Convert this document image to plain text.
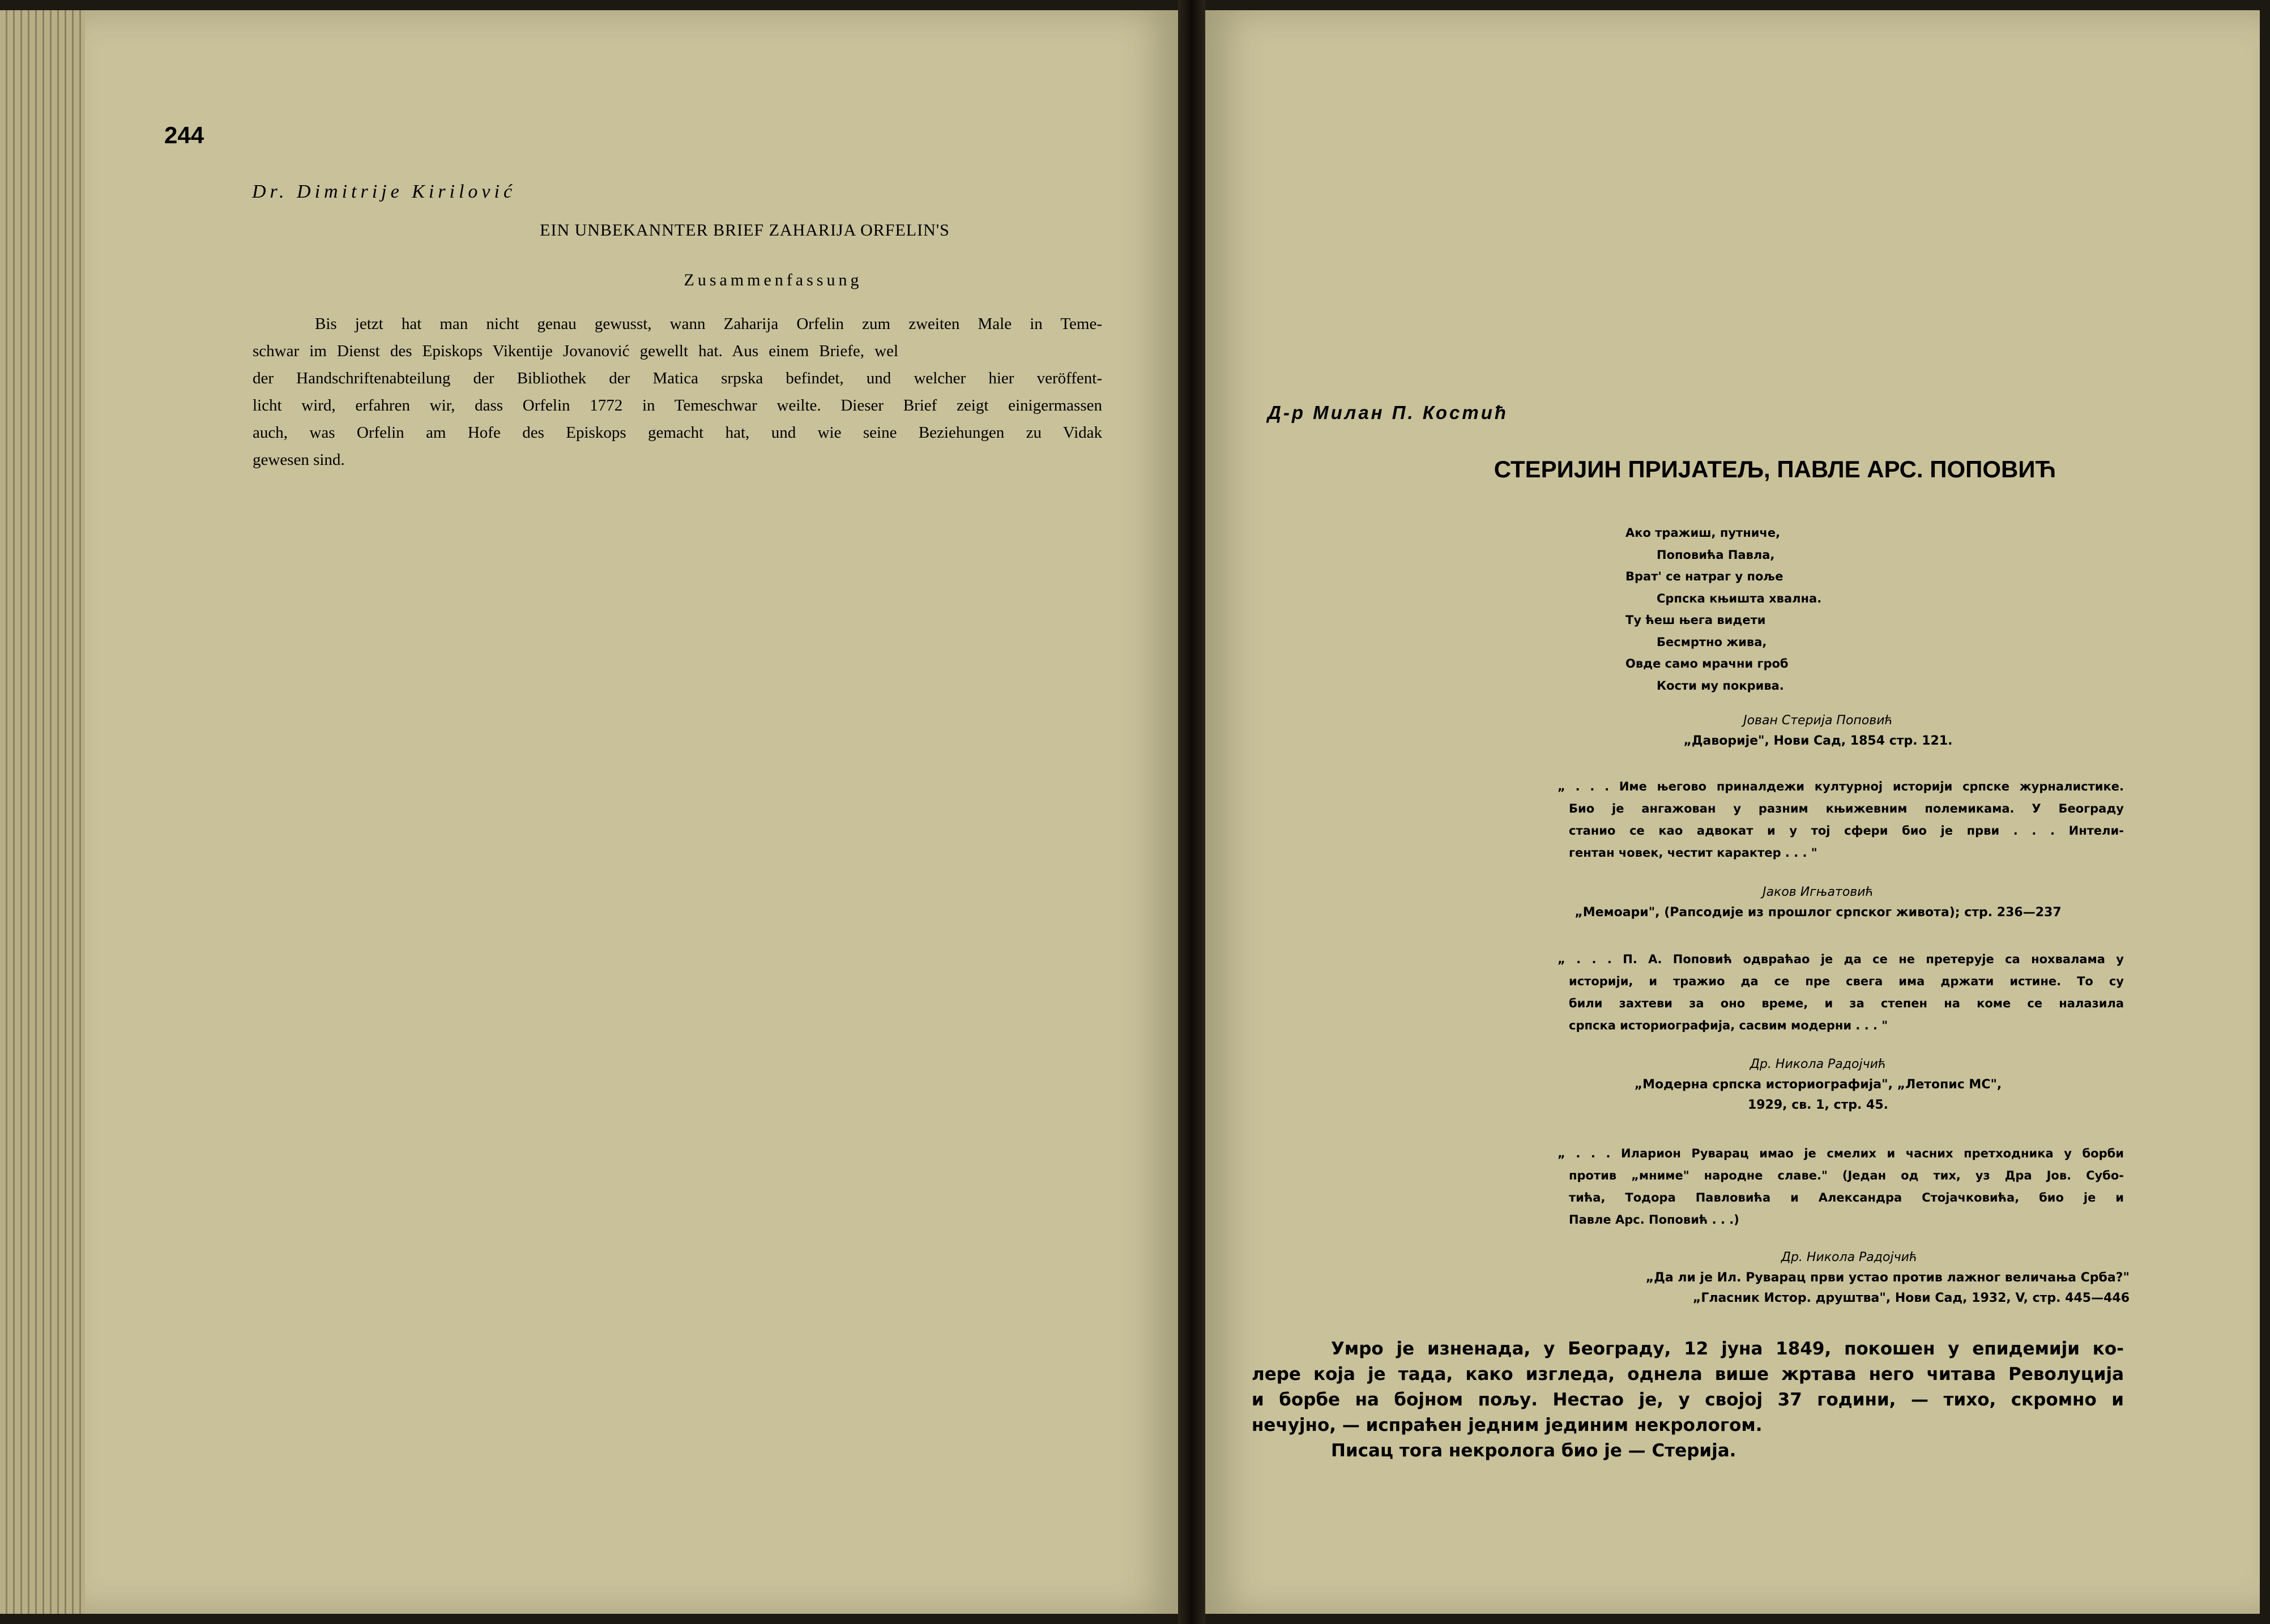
244
Dr. Dimitrije Kirilović
EIN UNBEKANNTER BRIEF ZAHARIJA ORFELIN'S
Zusammenfassung
Bis jetzt hat man nicht genau gewusst, wann Zaharija Orfelin zum zweiten Male in Teme-
schwar im Dienst des Episkops Vikentije Jovanović gewellt hat. Aus einem Briefe, wel
der Handschriftenabteilung der Bibliothek der Matica srpska befindet, und welcher hier veröffent-
licht wird, erfahren wir, dass Orfelin 1772 in Temeschwar weilte. Dieser Brief zeigt einigermassen
auch, was Orfelin am Hofe des Episkops gemacht hat, und wie seine Beziehungen zu Vidak
gewesen sind.
Д-р Милан П. Костић
СТЕРИЈИН ПРИЈАТЕЉ, ПАВЛЕ АРС. ПОПОВИЋ
Ако тражиш, путниче,
Поповића Павла,
Врат' се натраг у поље
Српска књишта хвална.
Ту ћеш њега видети
Бесмртно жива,
Овде само мрачни гроб
Кости му покрива.
Јован Стерија Поповић
„Даворије", Нови Сад, 1854 стр. 121.
„ . . . Име његово приналдежи културној историји српске журналистике.
Био је ангажован у разним књижевним полемикама. У Београду
станио се као адвокат и у тој сфери био је први . . . Интели-
гентан човек, честит карактер . . . "
Јаков Игњатовић
„Мемоари", (Рапсодије из прошлог српског живота); стр. 236—237
„ . . . П. А. Поповић одвраћао је да се не претерује са нохвалама у
историји, и тражио да се пре свега има држати истине. То су
били захтеви за оно време, и за степен на коме се налазила
српска историографија, сасвим модерни . . . "
Др. Никола Радојчић
„Модерна српска историографија", „Летопис МС",
1929, св. 1, стр. 45.
„ . . . Иларион Руварац имао је смелих и часних претходника у борби
против „мниме" народне славе." (Један од тих, уз Дра Јов. Субо-
тића, Тодора Павловића и Александра Стојачковића, био је и
Павле Арс. Поповић . . .)
Др. Никола Радојчић
„Да ли је Ил. Руварац први устао против лажног величања Срба?"
„Гласник Истор. друштва", Нови Сад, 1932, V, стр. 445—446
Умро је изненада, у Београду, 12 јуна 1849, покошен у епидемији ко-
лере која је тада, како изгледа, однела више жртава него читава Револуција
и борбе на бојном пољу. Нестао је, у својој 37 години, — тихо, скромно и
нечујно, — испраћен једним јединим некрологом.
Писац тога некролога био је — Стерија.
